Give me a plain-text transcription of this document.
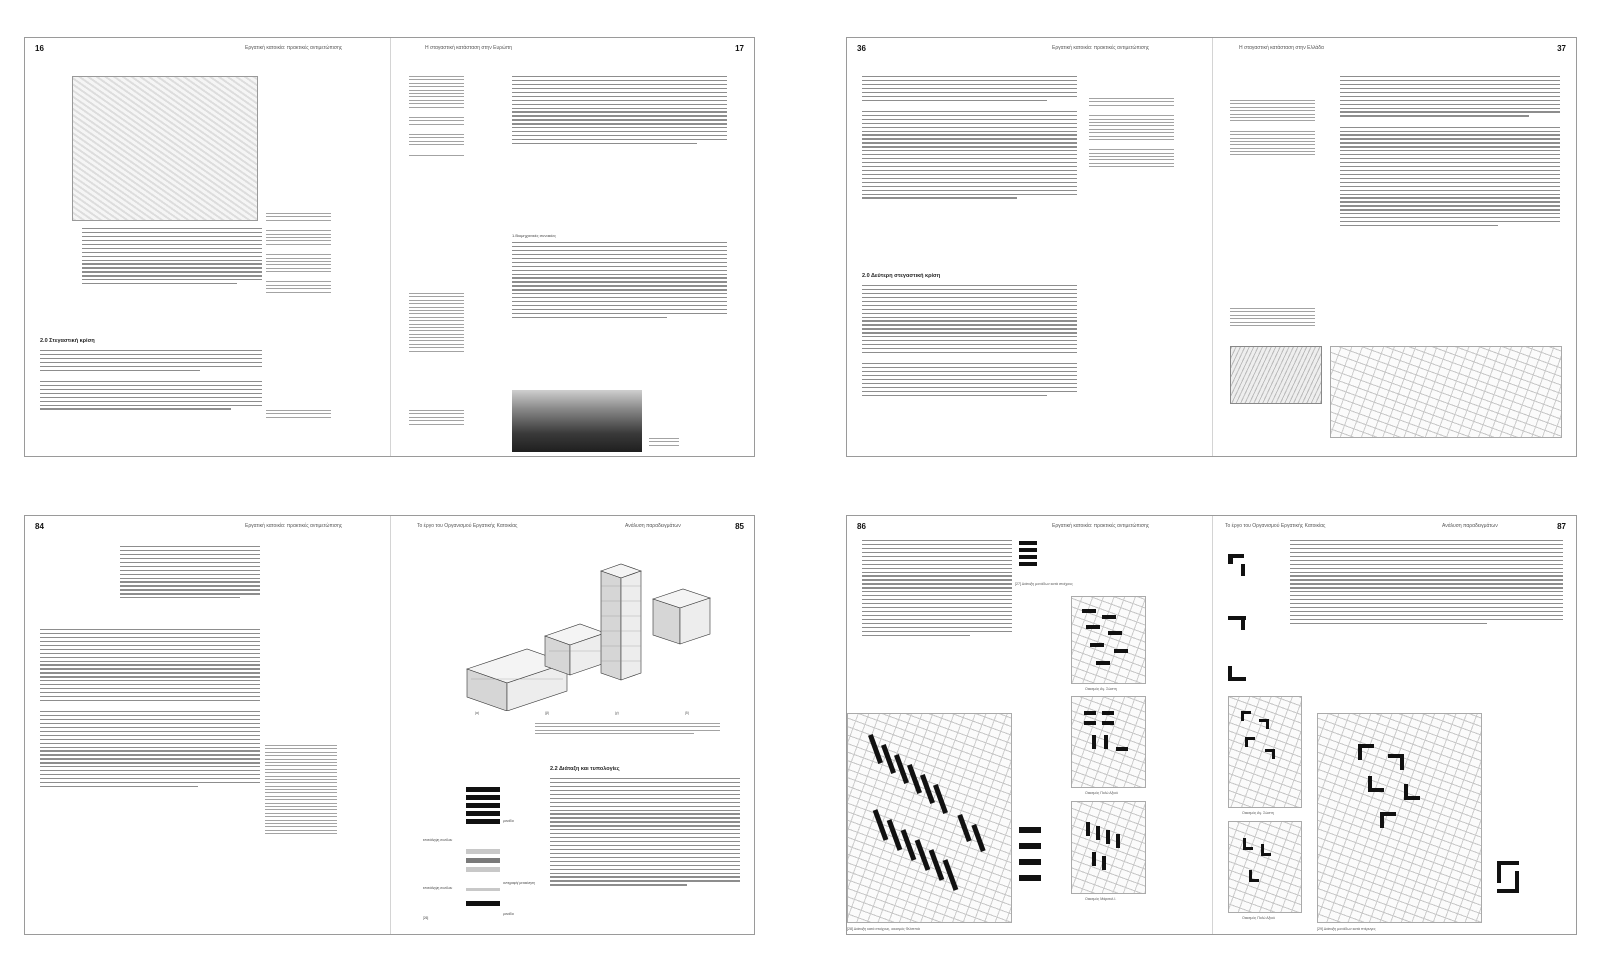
16	Εργατική κατοικία: πρακτικές αντιμετώπισης	Η σταγαστική κατάσταση στην Ευρώπη	17
2.0 Στεγαστική κρίση
1.Βιομηχανικές συνοικίες
36	Εργατική κατοικία: πρακτικές αντιμετώπισης	Η σταγαστική κατάσταση στην Ελλάδα	37
2.0 Δεύτερη στεγαστική κρίση
84	Εργατική κατοικία: πρακτικές αντιμετώπισης	Το έργο του Οργανισμού Εργατικής Κατοικίας	Ανάλυση παραδειγμάτων	85
(α)	(β)	(γ)	(δ)
2.2 Διάταξη και τυπολογίες
μονάδα
επανάληψη συνόλου
επανάληψη συνόλου
αντιγραφή/ μετακίνηση
μονάδα
[26]
86	Εργατική κατοικία: πρακτικές αντιμετώπισης	Το έργο του Οργανισμού Εργατικής Κατοικίας	Ανάλυση παραδειγμάτων	87
[27] Διάταξη μονάδων κατά στοίχους
[28] Διάταξη κατά στοίχους, οικισμός Φιλιππιά
Οικισμός Αγ. Σώστη
Οικισμός Πολύ Αξιού
Οικισμός Μάρσαλ Ι.
Οικισμός Αγ. Σώστη
Οικισμός Πολύ Αξιού
[29] Διάταξη μονάδων κατά πτέρυγες
